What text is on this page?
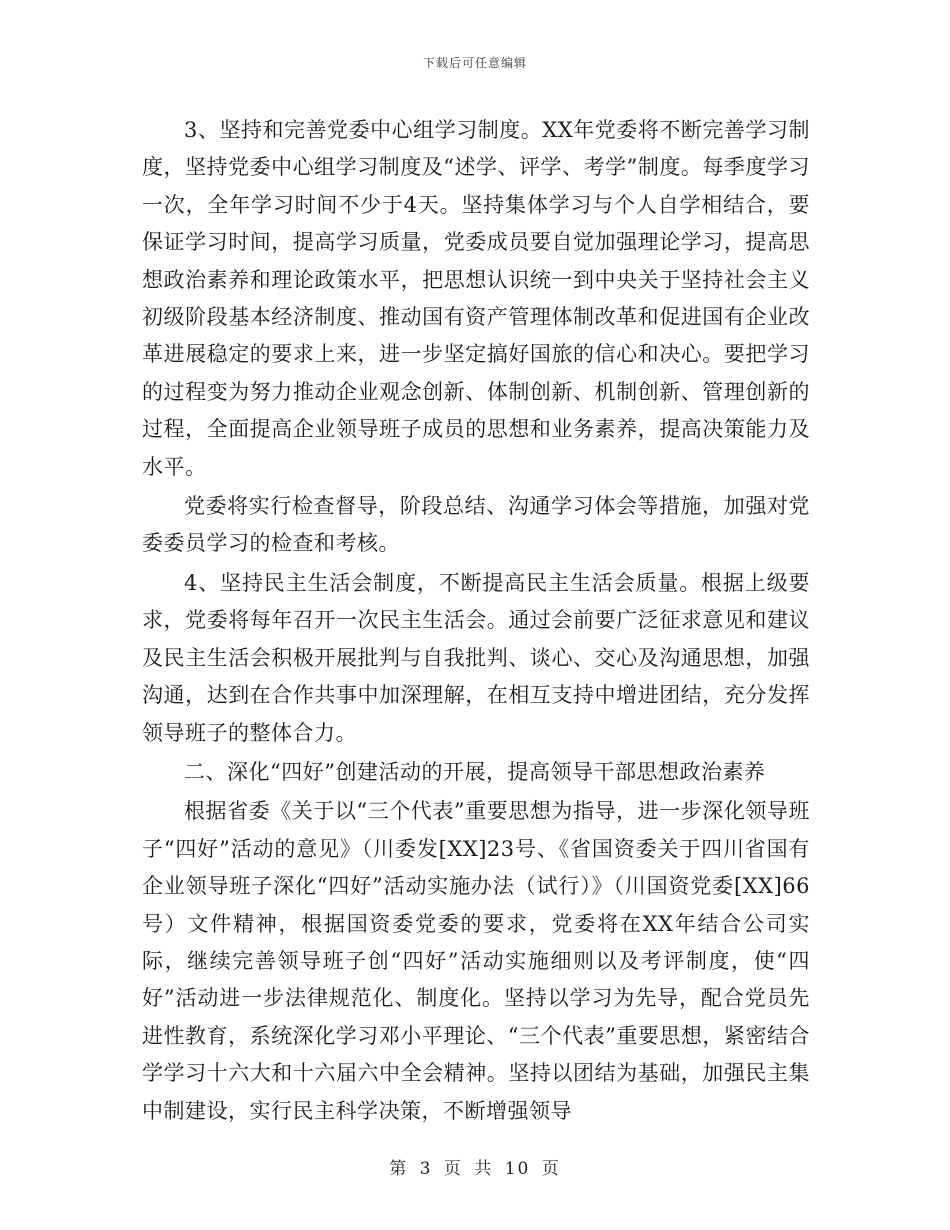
下载后可任意编辑

3、坚持和完善党委中心组学习制度。XX年党委将不断完善学习制度，坚持党委中心组学习制度及“述学、评学、考学”制度。每季度学习一次，全年学习时间不少于4天。坚持集体学习与个人自学相结合，要保证学习时间，提高学习质量，党委成员要自觉加强理论学习，提高思想政治素养和理论政策水平，把思想认识统一到中央关于坚持社会主义初级阶段基本经济制度、推动国有资产管理体制改革和促进国有企业改革进展稳定的要求上来，进一步坚定搞好国旅的信心和决心。要把学习的过程变为努力推动企业观念创新、体制创新、机制创新、管理创新的过程，全面提高企业领导班子成员的思想和业务素养，提高决策能力及水平。

党委将实行检查督导，阶段总结、沟通学习体会等措施，加强对党委委员学习的检查和考核。

4、坚持民主生活会制度，不断提高民主生活会质量。根据上级要求，党委将每年召开一次民主生活会。通过会前要广泛征求意见和建议及民主生活会积极开展批判与自我批判、谈心、交心及沟通思想，加强沟通，达到在合作共事中加深理解，在相互支持中增进团结，充分发挥领导班子的整体合力。

二、深化“四好”创建活动的开展，提高领导干部思想政治素养

根据省委《关于以“三个代表”重要思想为指导，进一步深化领导班子“四好”活动的意见》（川委发[XX]23号、《省国资委关于四川省国有企业领导班子深化“四好”活动实施办法（试行）》（川国资党委[XX]66号）文件精神，根据国资委党委的要求，党委将在XX年结合公司实际，继续完善领导班子创“四好”活动实施细则以及考评制度，使“四好”活动进一步法律规范化、制度化。坚持以学习为先导，配合党员先进性教育，系统深化学习邓小平理论、“三个代表”重要思想，紧密结合学学习十六大和十六届六中全会精神。坚持以团结为基础，加强民主集中制建设，实行民主科学决策，不断增强领导

第 3 页 共 10 页
